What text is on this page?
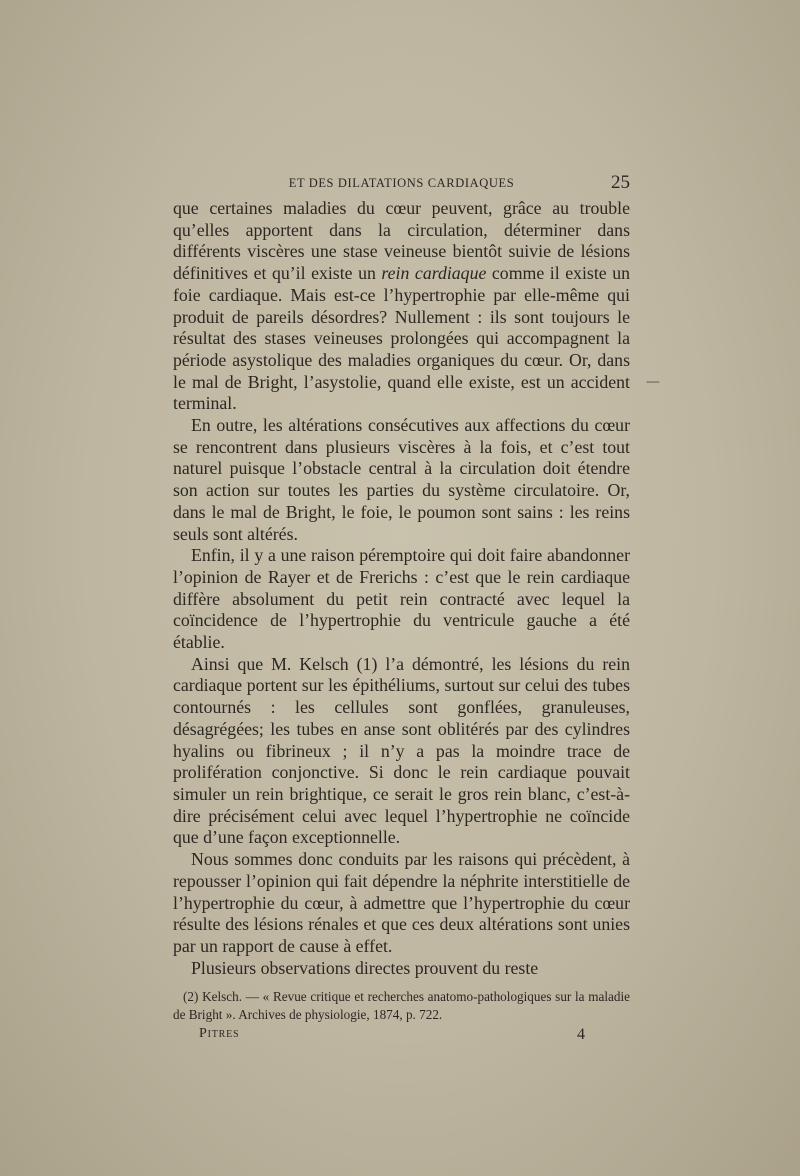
ET DES DILATATIONS CARDIAQUES	25

que certaines maladies du cœur peuvent, grâce au trouble qu’elles apportent dans la circulation, déterminer dans différents viscères une stase veineuse bientôt suivie de lésions définitives et qu’il existe un rein cardiaque comme il existe un foie cardiaque. Mais est-ce l’hypertrophie par elle-même qui produit de pareils désordres? Nullement : ils sont toujours le résultat des stases veineuses prolongées qui accompagnent la période asystolique des maladies organiques du cœur. Or, dans le mal de Bright, l’asystolie, quand elle existe, est un accident terminal.

En outre, les altérations consécutives aux affections du cœur se rencontrent dans plusieurs viscères à la fois, et c’est tout naturel puisque l’obstacle central à la circulation doit étendre son action sur toutes les parties du système circulatoire. Or, dans le mal de Bright, le foie, le poumon sont sains : les reins seuls sont altérés.

Enfin, il y a une raison péremptoire qui doit faire abandonner l’opinion de Rayer et de Frerichs : c’est que le rein cardiaque diffère absolument du petit rein contracté avec lequel la coïncidence de l’hypertrophie du ventricule gauche a été établie.

Ainsi que M. Kelsch (1) l’a démontré, les lésions du rein cardiaque portent sur les épithéliums, surtout sur celui des tubes contournés : les cellules sont gonflées, granuleuses, désagrégées; les tubes en anse sont oblitérés par des cylindres hyalins ou fibrineux ; il n’y a pas la moindre trace de prolifération conjonctive. Si donc le rein cardiaque pouvait simuler un rein brightique, ce serait le gros rein blanc, c’est-à-dire précisément celui avec lequel l’hypertrophie ne coïncide que d’une façon exceptionnelle.

Nous sommes donc conduits par les raisons qui précèdent, à repousser l’opinion qui fait dépendre la néphrite interstitielle de l’hypertrophie du cœur, à admettre que l’hypertrophie du cœur résulte des lésions rénales et que ces deux altérations sont unies par un rapport de cause à effet.

Plusieurs observations directes prouvent du reste

(2) Kelsch. — « Revue critique et recherches anatomo-pathologiques sur la maladie de Bright ». Archives de physiologie, 1874, p. 722.

Pitres	4
—
